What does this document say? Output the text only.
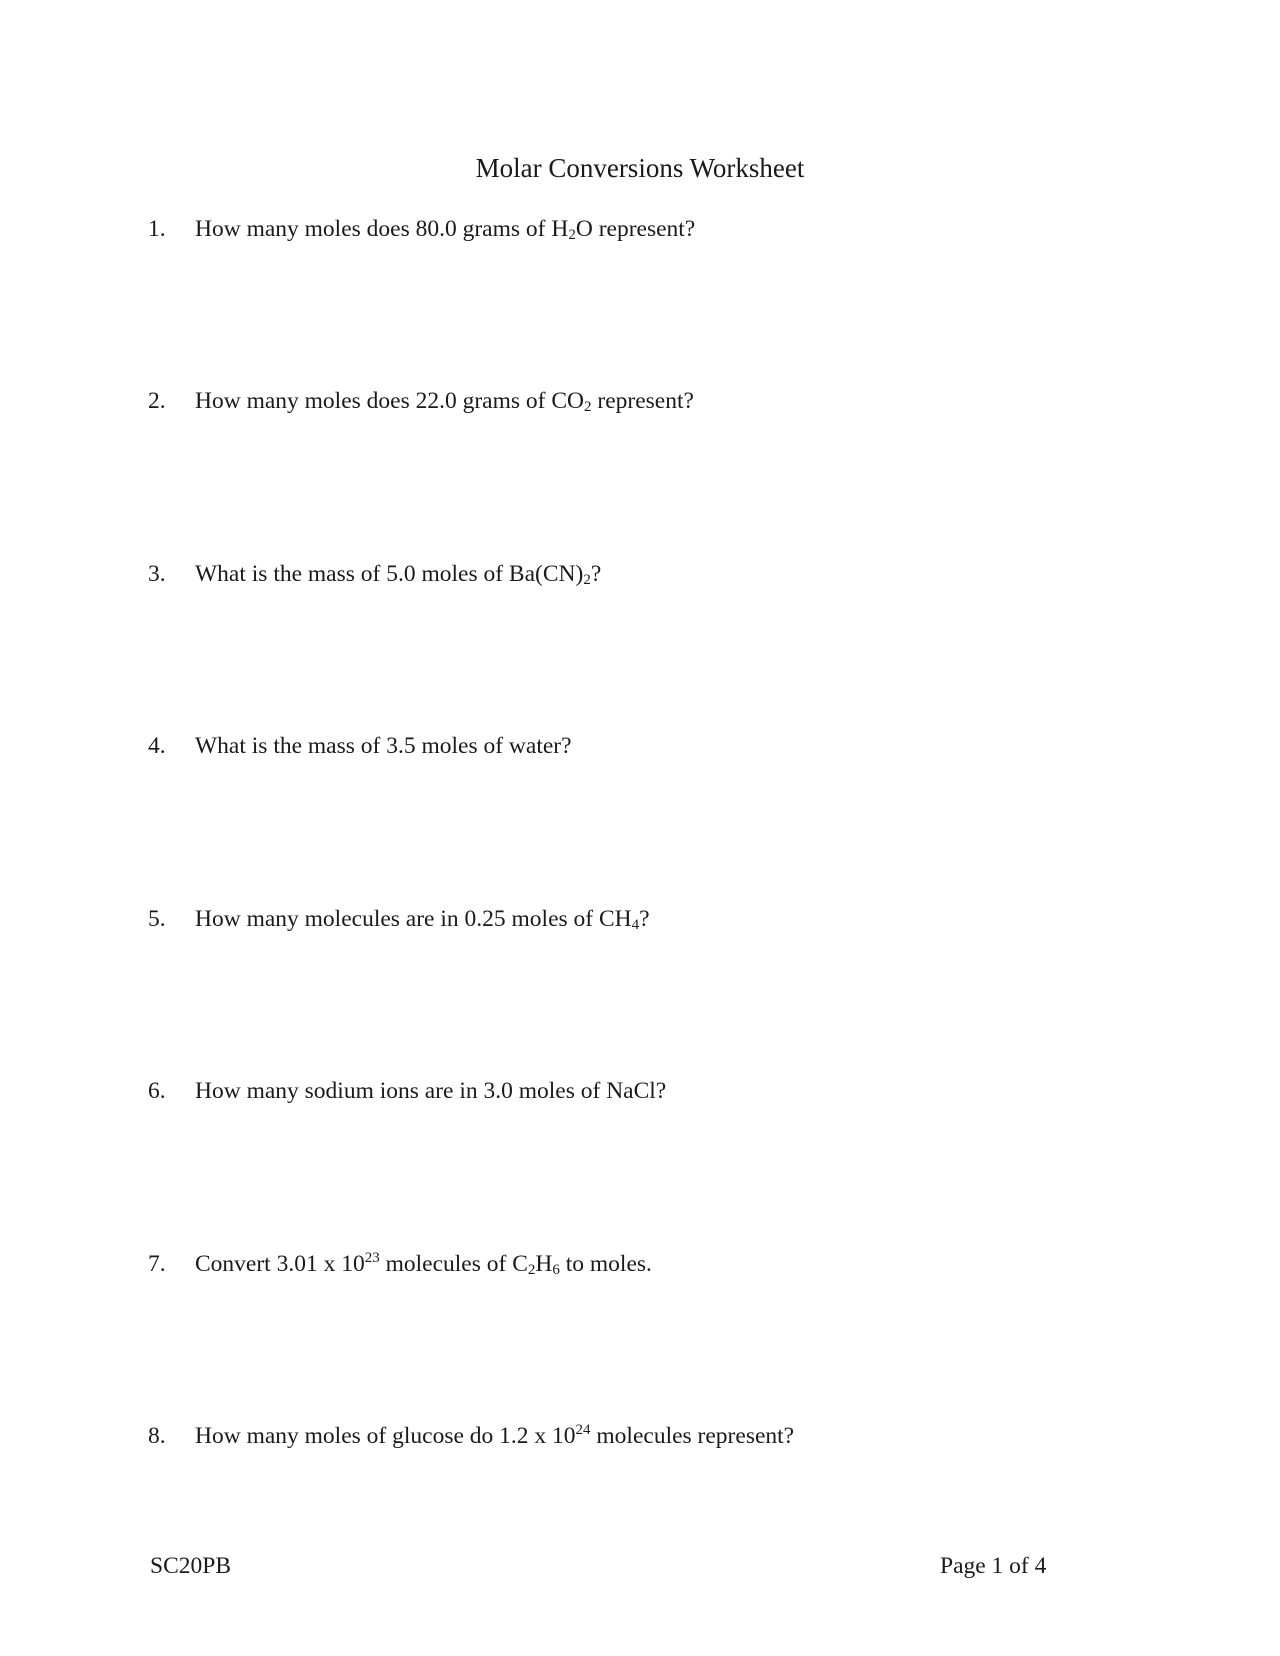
Molar Conversions Worksheet
1. How many moles does 80.0 grams of $H_2O$ represent?
2. How many moles does 22.0 grams of $CO_2$ represent?
3. What is the mass of 5.0 moles of $Ba(CN)_2$?
4. What is the mass of 3.5 moles of water?
5. How many molecules are in 0.25 moles of $CH_4$?
6. How many sodium ions are in 3.0 moles of NaCl?
7. Convert 3.01 x $10^{23}$ molecules of $C_2H_6$ to moles.
8. How many moles of glucose do 1.2 x $10^{24}$ molecules represent?
SC20PB	Page 1 of 4
